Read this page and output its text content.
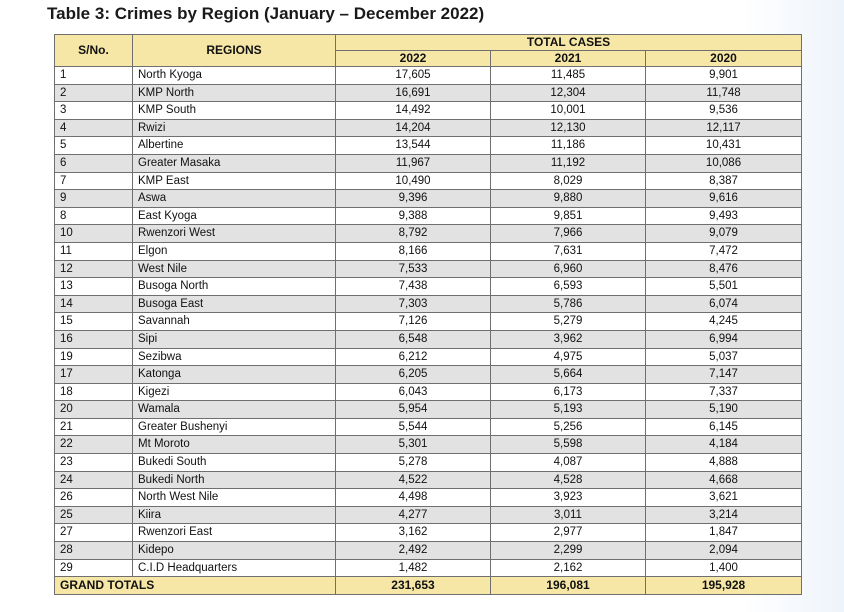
Table 3: Crimes by Region (January – December 2022)
S/No.	REGIONS	TOTAL CASES		
		2022	2021	2020
1	North Kyoga	17,605	11,485	9,901
2	KMP North	16,691	12,304	11,748
3	KMP South	14,492	10,001	9,536
4	Rwizi	14,204	12,130	12,117
5	Albertine	13,544	11,186	10,431
6	Greater Masaka	11,967	11,192	10,086
7	KMP East	10,490	8,029	8,387
9	Aswa	9,396	9,880	9,616
8	East Kyoga	9,388	9,851	9,493
10	Rwenzori West	8,792	7,966	9,079
11	Elgon	8,166	7,631	7,472
12	West Nile	7,533	6,960	8,476
13	Busoga North	7,438	6,593	5,501
14	Busoga East	7,303	5,786	6,074
15	Savannah	7,126	5,279	4,245
16	Sipi	6,548	3,962	6,994
19	Sezibwa	6,212	4,975	5,037
17	Katonga	6,205	5,664	7,147
18	Kigezi	6,043	6,173	7,337
20	Wamala	5,954	5,193	5,190
21	Greater Bushenyi	5,544	5,256	6,145
22	Mt Moroto	5,301	5,598	4,184
23	Bukedi South	5,278	4,087	4,888
24	Bukedi North	4,522	4,528	4,668
26	North West Nile	4,498	3,923	3,621
25	Kiira	4,277	3,011	3,214
27	Rwenzori East	3,162	2,977	1,847
28	Kidepo	2,492	2,299	2,094
29	C.I.D Headquarters	1,482	2,162	1,400
GRAND TOTALS		231,653	196,081	195,928
